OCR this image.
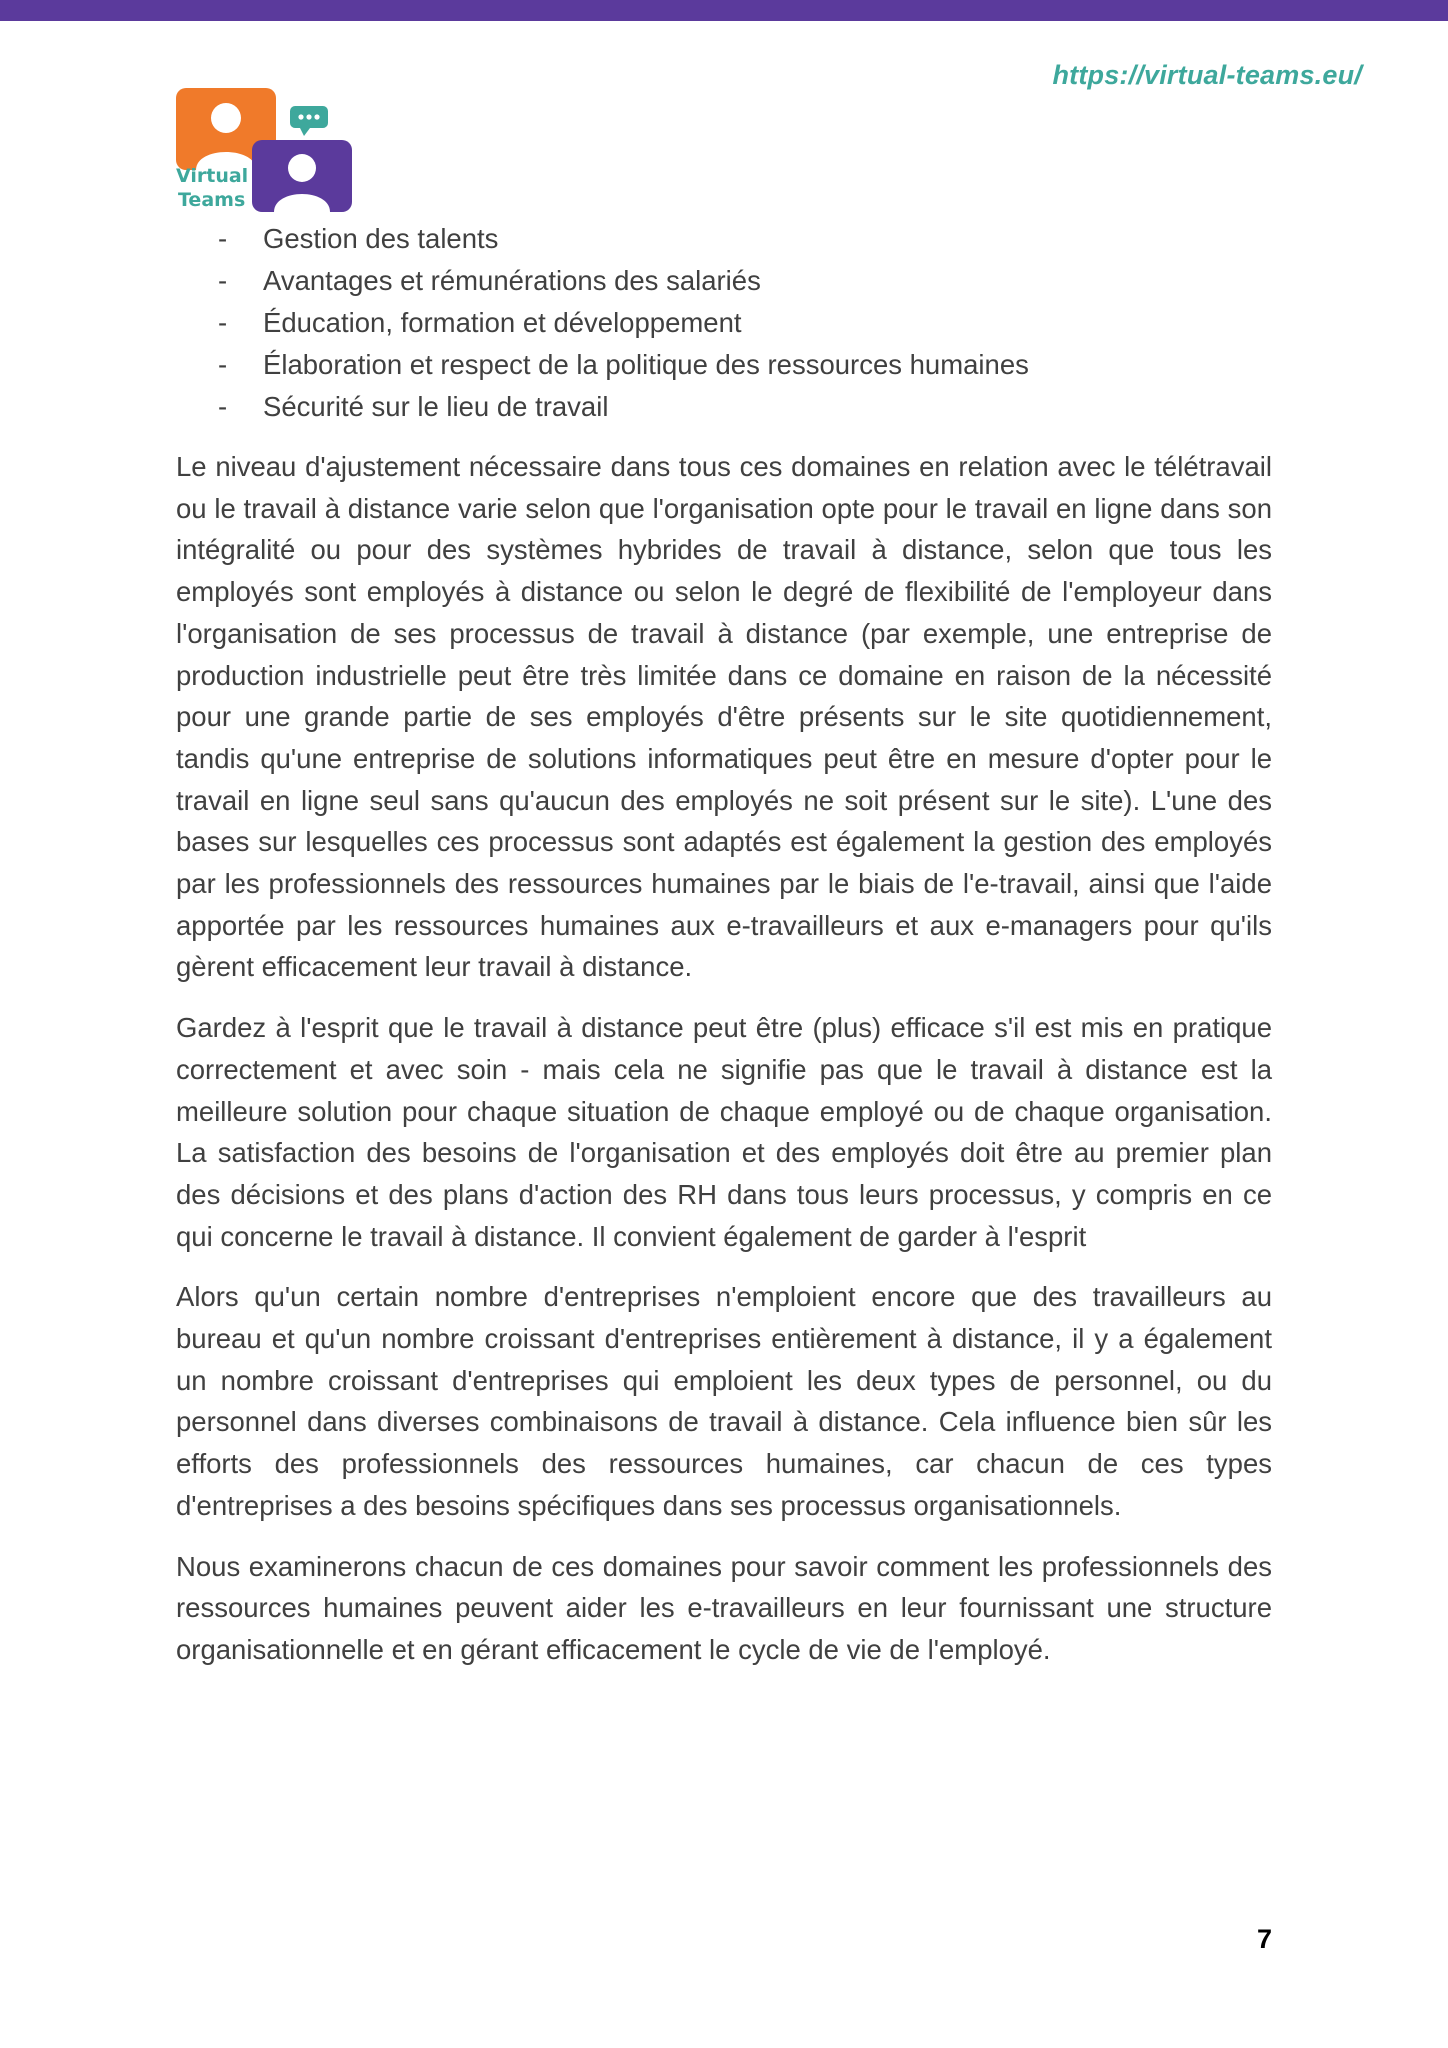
https://virtual-teams.eu/
Virtual
Teams
- Gestion des talents
- Avantages et rémunérations des salariés
- Éducation, formation et développement
- Élaboration et respect de la politique des ressources humaines
- Sécurité sur le lieu de travail

Le niveau d'ajustement nécessaire dans tous ces domaines en relation avec le télétravail ou le travail à distance varie selon que l'organisation opte pour le travail en ligne dans son intégralité ou pour des systèmes hybrides de travail à distance, selon que tous les employés sont employés à distance ou selon le degré de flexibilité de l'employeur dans l'organisation de ses processus de travail à distance (par exemple, une entreprise de production industrielle peut être très limitée dans ce domaine en raison de la nécessité pour une grande partie de ses employés d'être présents sur le site quotidiennement, tandis qu'une entreprise de solutions informatiques peut être en mesure d'opter pour le travail en ligne seul sans qu'aucun des employés ne soit présent sur le site). L'une des bases sur lesquelles ces processus sont adaptés est également la gestion des employés par les professionnels des ressources humaines par le biais de l'e-travail, ainsi que l'aide apportée par les ressources humaines aux e-travailleurs et aux e-managers pour qu'ils gèrent efficacement leur travail à distance.

Gardez à l'esprit que le travail à distance peut être (plus) efficace s'il est mis en pratique correctement et avec soin - mais cela ne signifie pas que le travail à distance est la meilleure solution pour chaque situation de chaque employé ou de chaque organisation. La satisfaction des besoins de l'organisation et des employés doit être au premier plan des décisions et des plans d'action des RH dans tous leurs processus, y compris en ce qui concerne le travail à distance. Il convient également de garder à l'esprit

Alors qu'un certain nombre d'entreprises n'emploient encore que des travailleurs au bureau et qu'un nombre croissant d'entreprises entièrement à distance, il y a également un nombre croissant d'entreprises qui emploient les deux types de personnel, ou du personnel dans diverses combinaisons de travail à distance. Cela influence bien sûr les efforts des professionnels des ressources humaines, car chacun de ces types d'entreprises a des besoins spécifiques dans ses processus organisationnels.

Nous examinerons chacun de ces domaines pour savoir comment les professionnels des ressources humaines peuvent aider les e-travailleurs en leur fournissant une structure organisationnelle et en gérant efficacement le cycle de vie de l'employé.

7
